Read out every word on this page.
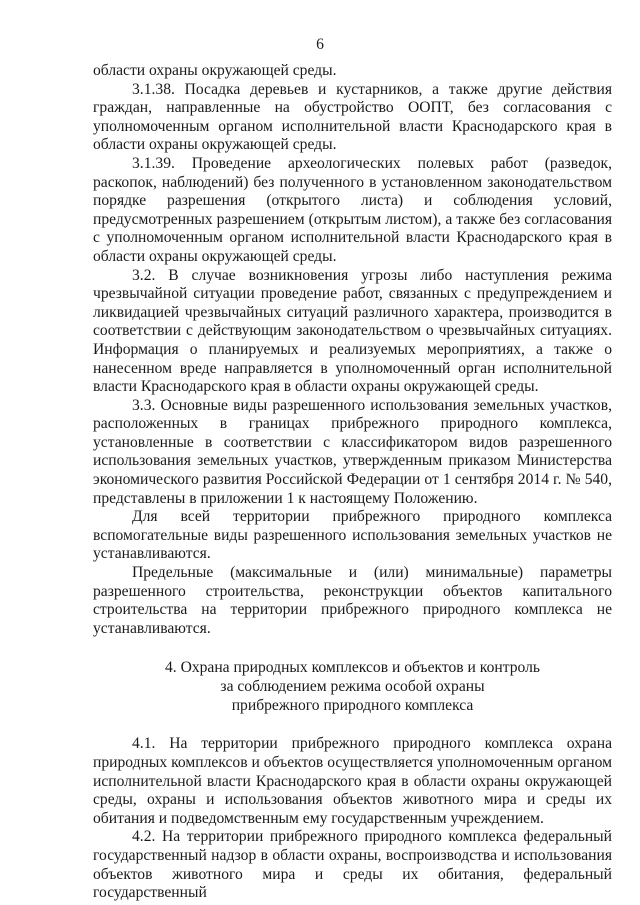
6

области охраны окружающей среды.

3.1.38. Посадка деревьев и кустарников, а также другие действия граждан, направленные на обустройство ООПТ, без согласования с уполномоченным органом исполнительной власти Краснодарского края в области охраны окружающей среды.

3.1.39. Проведение археологических полевых работ (разведок, раскопок, наблюдений) без полученного в установленном законодательством порядке разрешения (открытого листа) и соблюдения условий, предусмотренных разрешением (открытым листом), а также без согласования с уполномоченным органом исполнительной власти Краснодарского края в области охраны окружающей среды.

3.2. В случае возникновения угрозы либо наступления режима чрезвычайной ситуации проведение работ, связанных с предупреждением и ликвидацией чрезвычайных ситуаций различного характера, производится в соответствии с действующим законодательством о чрезвычайных ситуациях. Информация о планируемых и реализуемых мероприятиях, а также о нанесенном вреде направляется в уполномоченный орган исполнительной власти Краснодарского края в области охраны окружающей среды.

3.3. Основные виды разрешенного использования земельных участков, расположенных в границах прибрежного природного комплекса, установленные в соответствии с классификатором видов разрешенного использования земельных участков, утвержденным приказом Министерства экономического развития Российской Федерации от 1 сентября 2014 г. № 540, представлены в приложении 1 к настоящему Положению.

Для всей территории прибрежного природного комплекса вспомогательные виды разрешенного использования земельных участков не устанавливаются.

Предельные (максимальные и (или) минимальные) параметры разрешенного строительства, реконструкции объектов капитального строительства на территории прибрежного природного комплекса не устанавливаются.

4. Охрана природных комплексов и объектов и контроль
за соблюдением режима особой охраны
прибрежного природного комплекса

4.1. На территории прибрежного природного комплекса охрана природных комплексов и объектов осуществляется уполномоченным органом исполнительной власти Краснодарского края в области охраны окружающей среды, охраны и использования объектов животного мира и среды их обитания и подведомственным ему государственным учреждением.

4.2. На территории прибрежного природного комплекса федеральный

государственный надзор в области охраны, воспроизводства и использования

объектов животного мира и среды их обитания, федеральный государственный
